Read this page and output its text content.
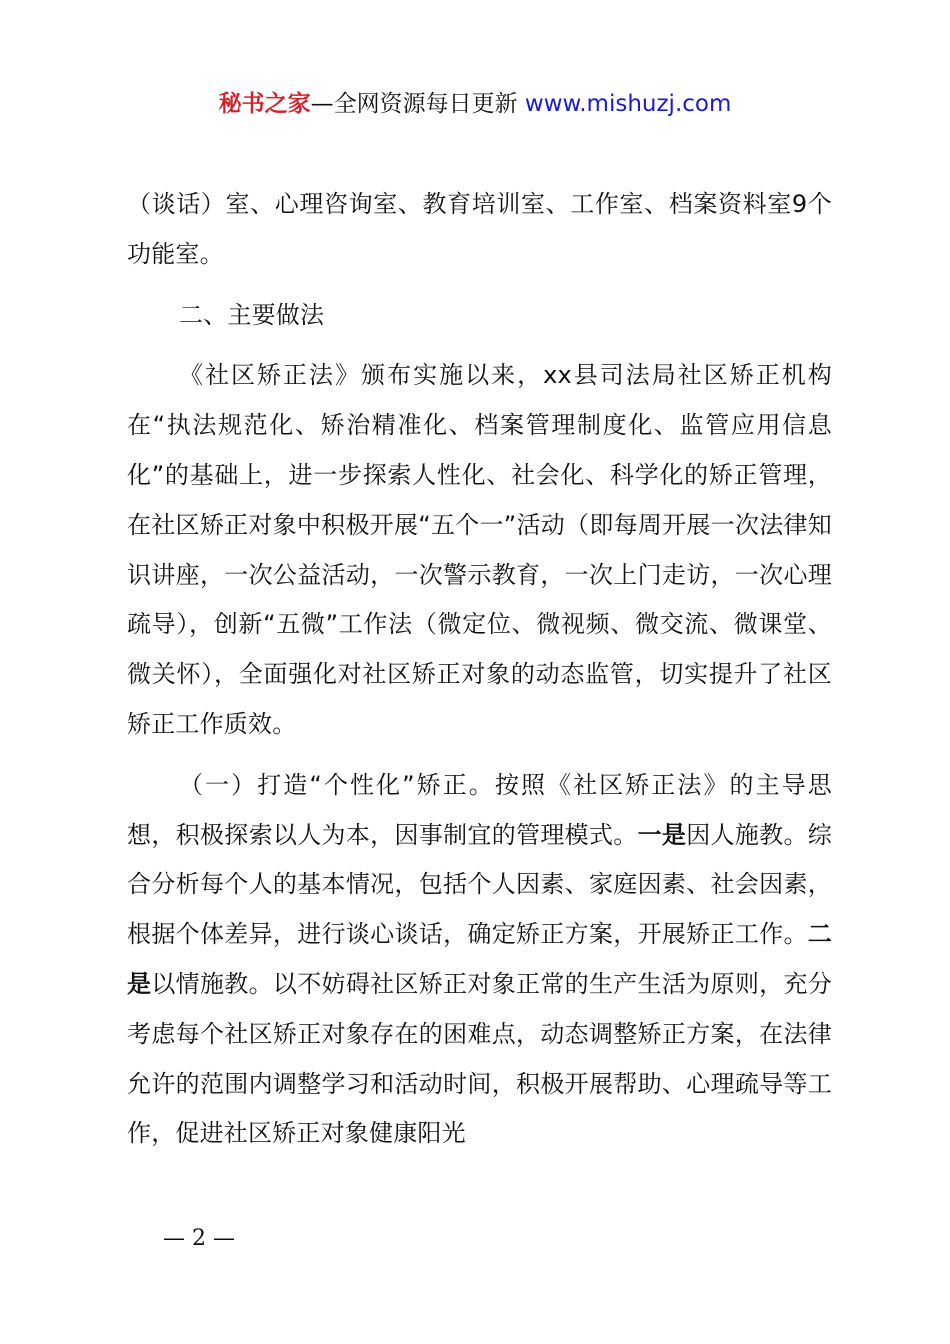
秘书之家—全网资源每日更新 www.mishuzj.com

（谈话）室、心理咨询室、教育培训室、工作室、档案资料室9个功能室。

二、主要做法

《社区矫正法》颁布实施以来，xx县司法局社区矫正机构在“执法规范化、矫治精准化、档案管理制度化、监管应用信息化”的基础上，进一步探索人性化、社会化、科学化的矫正管理，在社区矫正对象中积极开展“五个一”活动（即每周开展一次法律知识讲座，一次公益活动，一次警示教育，一次上门走访，一次心理疏导），创新“五微”工作法（微定位、微视频、微交流、微课堂、微关怀），全面强化对社区矫正对象的动态监管，切实提升了社区矫正工作质效。

（一）打造“个性化”矫正。按照《社区矫正法》的主导思想，积极探索以人为本，因事制宜的管理模式。一是因人施教。综合分析每个人的基本情况，包括个人因素、家庭因素、社会因素，根据个体差异，进行谈心谈话，确定矫正方案，开展矫正工作。二是以情施教。以不妨碍社区矫正对象正常的生产生活为原则，充分考虑每个社区矫正对象存在的困难点，动态调整矫正方案，在法律允许的范围内调整学习和活动时间，积极开展帮助、心理疏导等工作，促进社区矫正对象健康阳光

— 2 —
